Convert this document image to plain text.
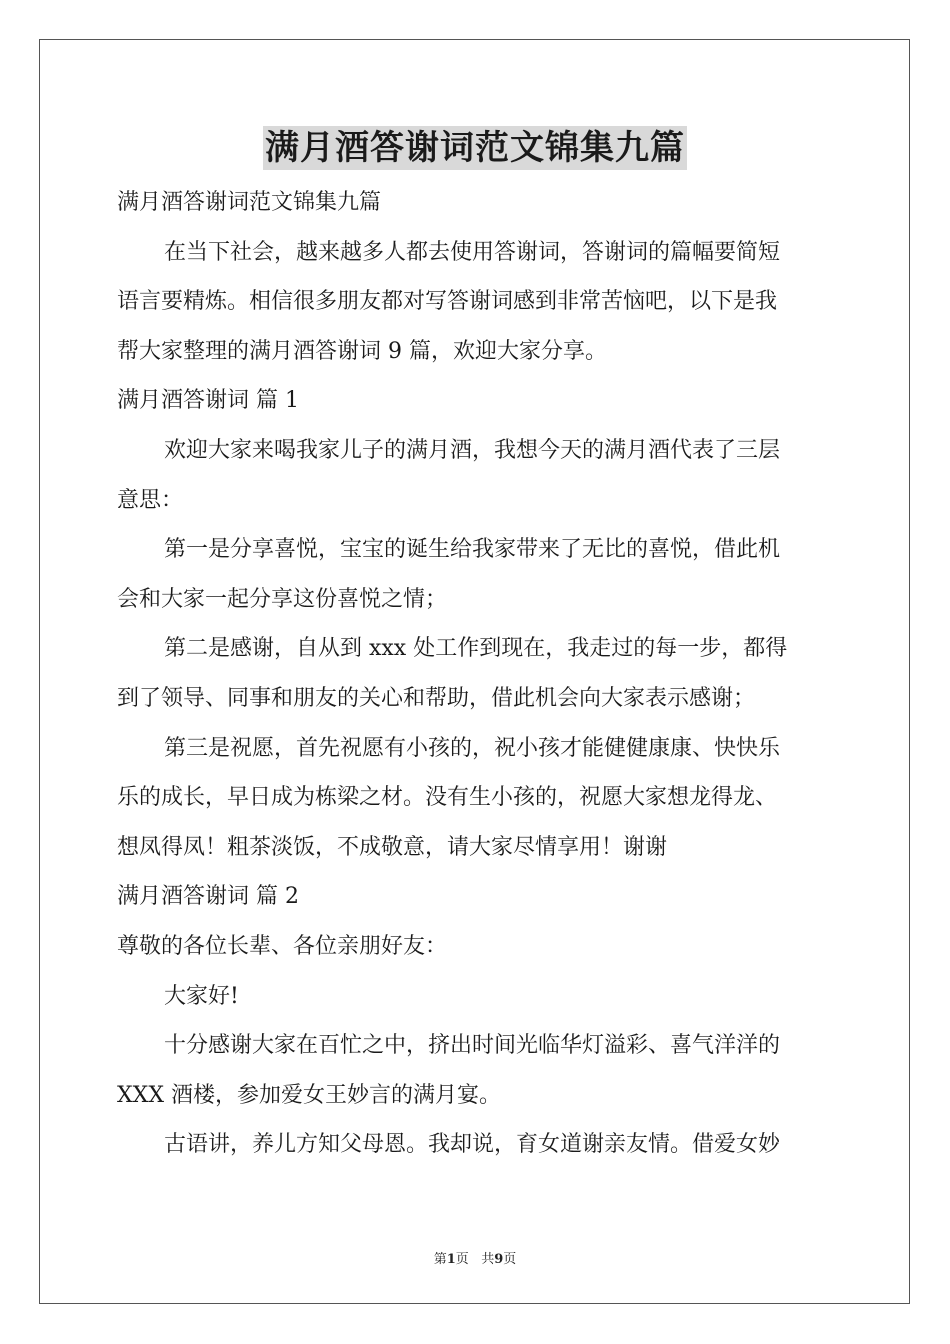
满月酒答谢词范文锦集九篇
满月酒答谢词范文锦集九篇
在当下社会，越来越多人都去使用答谢词，答谢词的篇幅要简短
语言要精炼。相信很多朋友都对写答谢词感到非常苦恼吧，以下是我
帮大家整理的满月酒答谢词 9 篇，欢迎大家分享。
满月酒答谢词 篇 1
欢迎大家来喝我家儿子的满月酒，我想今天的满月酒代表了三层
意思：
第一是分享喜悦，宝宝的诞生给我家带来了无比的喜悦，借此机
会和大家一起分享这份喜悦之情；
第二是感谢，自从到 xxx 处工作到现在，我走过的每一步，都得
到了领导、同事和朋友的关心和帮助，借此机会向大家表示感谢；
第三是祝愿，首先祝愿有小孩的，祝小孩才能健健康康、快快乐
乐的成长，早日成为栋梁之材。没有生小孩的，祝愿大家想龙得龙、
想凤得凤！粗茶淡饭，不成敬意，请大家尽情享用！谢谢
满月酒答谢词 篇 2
尊敬的各位长辈、各位亲朋好友：
大家好!
十分感谢大家在百忙之中，挤出时间光临华灯溢彩、喜气洋洋的
XXX 酒楼，参加爱女王妙言的满月宴。
古语讲，养儿方知父母恩。我却说，育女道谢亲友情。借爱女妙
第1页 共9页
